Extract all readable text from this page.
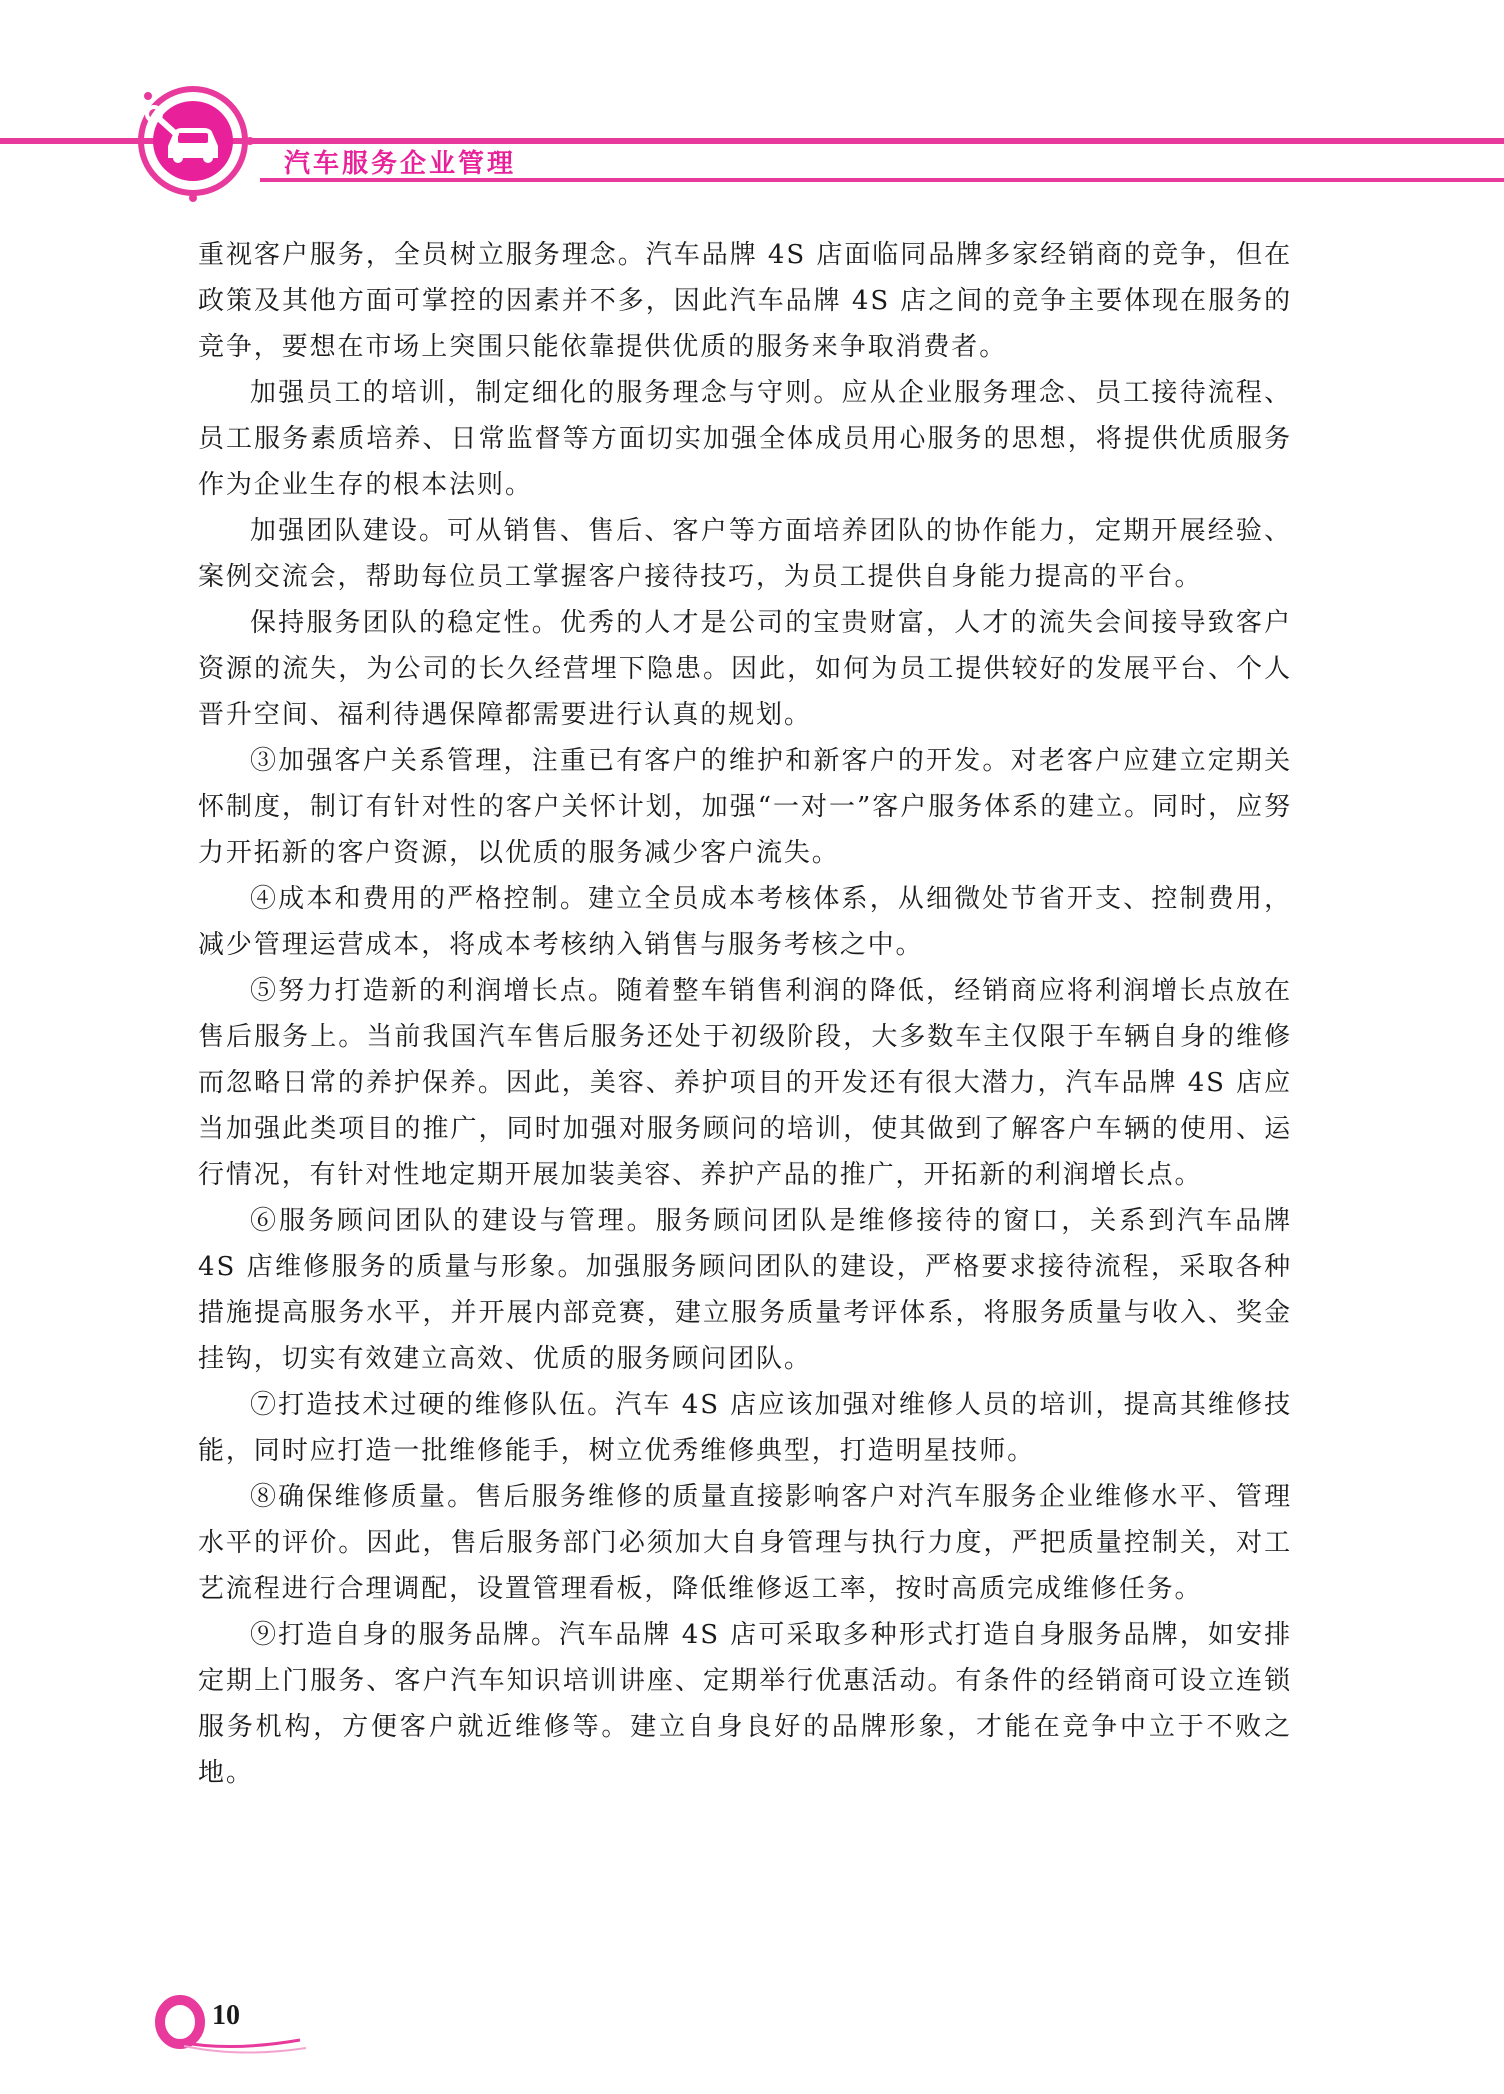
汽车服务企业管理

重视客户服务，全员树立服务理念。汽车品牌 4S 店面临同品牌多家经销商的竞争，但在政策及其他方面可掌控的因素并不多，因此汽车品牌 4S 店之间的竞争主要体现在服务的竞争，要想在市场上突围只能依靠提供优质的服务来争取消费者。

加强员工的培训，制定细化的服务理念与守则。应从企业服务理念、员工接待流程、员工服务素质培养、日常监督等方面切实加强全体成员用心服务的思想，将提供优质服务作为企业生存的根本法则。

加强团队建设。可从销售、售后、客户等方面培养团队的协作能力，定期开展经验、案例交流会，帮助每位员工掌握客户接待技巧，为员工提供自身能力提高的平台。

保持服务团队的稳定性。优秀的人才是公司的宝贵财富，人才的流失会间接导致客户资源的流失，为公司的长久经营埋下隐患。因此，如何为员工提供较好的发展平台、个人晋升空间、福利待遇保障都需要进行认真的规划。

③加强客户关系管理，注重已有客户的维护和新客户的开发。对老客户应建立定期关怀制度，制订有针对性的客户关怀计划，加强“一对一”客户服务体系的建立。同时，应努力开拓新的客户资源，以优质的服务减少客户流失。

④成本和费用的严格控制。建立全员成本考核体系，从细微处节省开支、控制费用，减少管理运营成本，将成本考核纳入销售与服务考核之中。

⑤努力打造新的利润增长点。随着整车销售利润的降低，经销商应将利润增长点放在售后服务上。当前我国汽车售后服务还处于初级阶段，大多数车主仅限于车辆自身的维修而忽略日常的养护保养。因此，美容、养护项目的开发还有很大潜力，汽车品牌 4S 店应当加强此类项目的推广，同时加强对服务顾问的培训，使其做到了解客户车辆的使用、运行情况，有针对性地定期开展加装美容、养护产品的推广，开拓新的利润增长点。

⑥服务顾问团队的建设与管理。服务顾问团队是维修接待的窗口，关系到汽车品牌 4S 店维修服务的质量与形象。加强服务顾问团队的建设，严格要求接待流程，采取各种措施提高服务水平，并开展内部竞赛，建立服务质量考评体系，将服务质量与收入、奖金挂钩，切实有效建立高效、优质的服务顾问团队。

⑦打造技术过硬的维修队伍。汽车 4S 店应该加强对维修人员的培训，提高其维修技能，同时应打造一批维修能手，树立优秀维修典型，打造明星技师。

⑧确保维修质量。售后服务维修的质量直接影响客户对汽车服务企业维修水平、管理水平的评价。因此，售后服务部门必须加大自身管理与执行力度，严把质量控制关，对工艺流程进行合理调配，设置管理看板，降低维修返工率，按时高质完成维修任务。

⑨打造自身的服务品牌。汽车品牌 4S 店可采取多种形式打造自身服务品牌，如安排定期上门服务、客户汽车知识培训讲座、定期举行优惠活动。有条件的经销商可设立连锁服务机构，方便客户就近维修等。建立自身良好的品牌形象，才能在竞争中立于不败之地。

10
